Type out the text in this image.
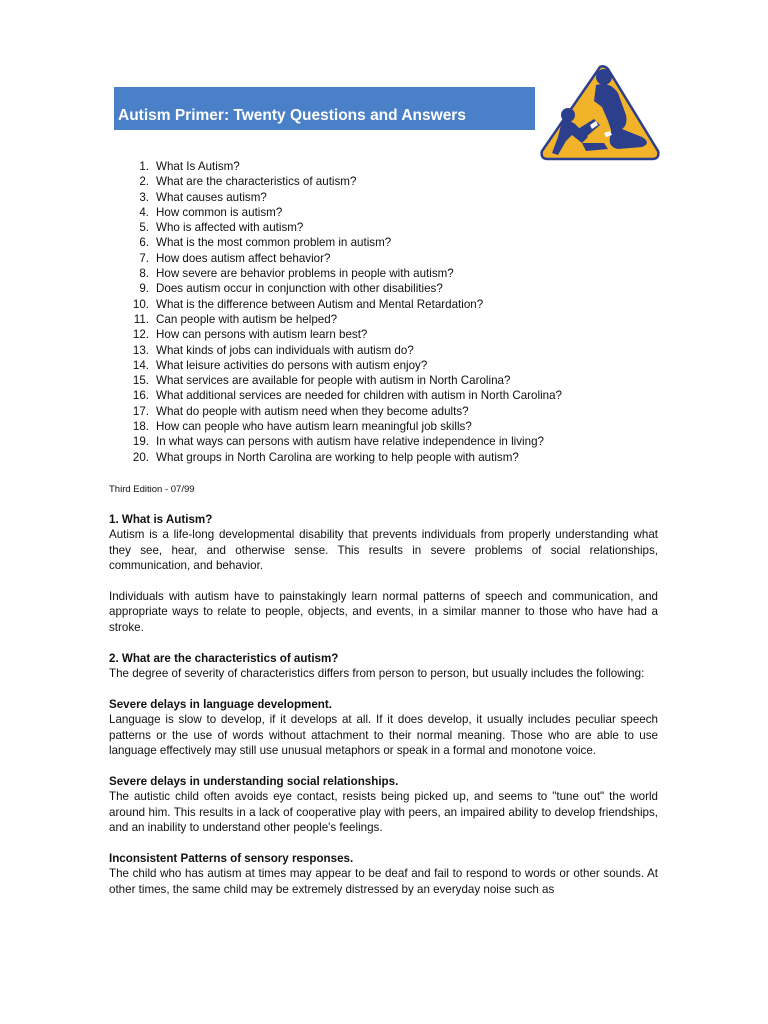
Autism Primer: Twenty Questions and Answers
1. What Is Autism?
2. What are the characteristics of autism?
3. What causes autism?
4. How common is autism?
5. Who is affected with autism?
6. What is the most common problem in autism?
7. How does autism affect behavior?
8. How severe are behavior problems in people with autism?
9. Does autism occur in conjunction with other disabilities?
10. What is the difference between Autism and Mental Retardation?
11. Can people with autism be helped?
12. How can persons with autism learn best?
13. What kinds of jobs can individuals with autism do?
14. What leisure activities do persons with autism enjoy?
15. What services are available for people with autism in North Carolina?
16. What additional services are needed for children with autism in North Carolina?
17. What do people with autism need when they become adults?
18. How can people who have autism learn meaningful job skills?
19. In what ways can persons with autism have relative independence in living?
20. What groups in North Carolina are working to help people with autism?
Third Edition - 07/99

1. What is Autism?
Autism is a life-long developmental disability that prevents individuals from properly understanding what they see, hear, and otherwise sense. This results in severe problems of social relationships, communication, and behavior.

Individuals with autism have to painstakingly learn normal patterns of speech and communication, and appropriate ways to relate to people, objects, and events, in a similar manner to those who have had a stroke.

2. What are the characteristics of autism?
The degree of severity of characteristics differs from person to person, but usually includes the following:

Severe delays in language development.
Language is slow to develop, if it develops at all. If it does develop, it usually includes peculiar speech patterns or the use of words without attachment to their normal meaning. Those who are able to use language effectively may still use unusual metaphors or speak in a formal and monotone voice.

Severe delays in understanding social relationships.
The autistic child often avoids eye contact, resists being picked up, and seems to "tune out" the world around him. This results in a lack of cooperative play with peers, an impaired ability to develop friendships, and an inability to understand other people's feelings.

Inconsistent Patterns of sensory responses.
The child who has autism at times may appear to be deaf and fail to respond to words or other sounds. At other times, the same child may be extremely distressed by an everyday noise such as
